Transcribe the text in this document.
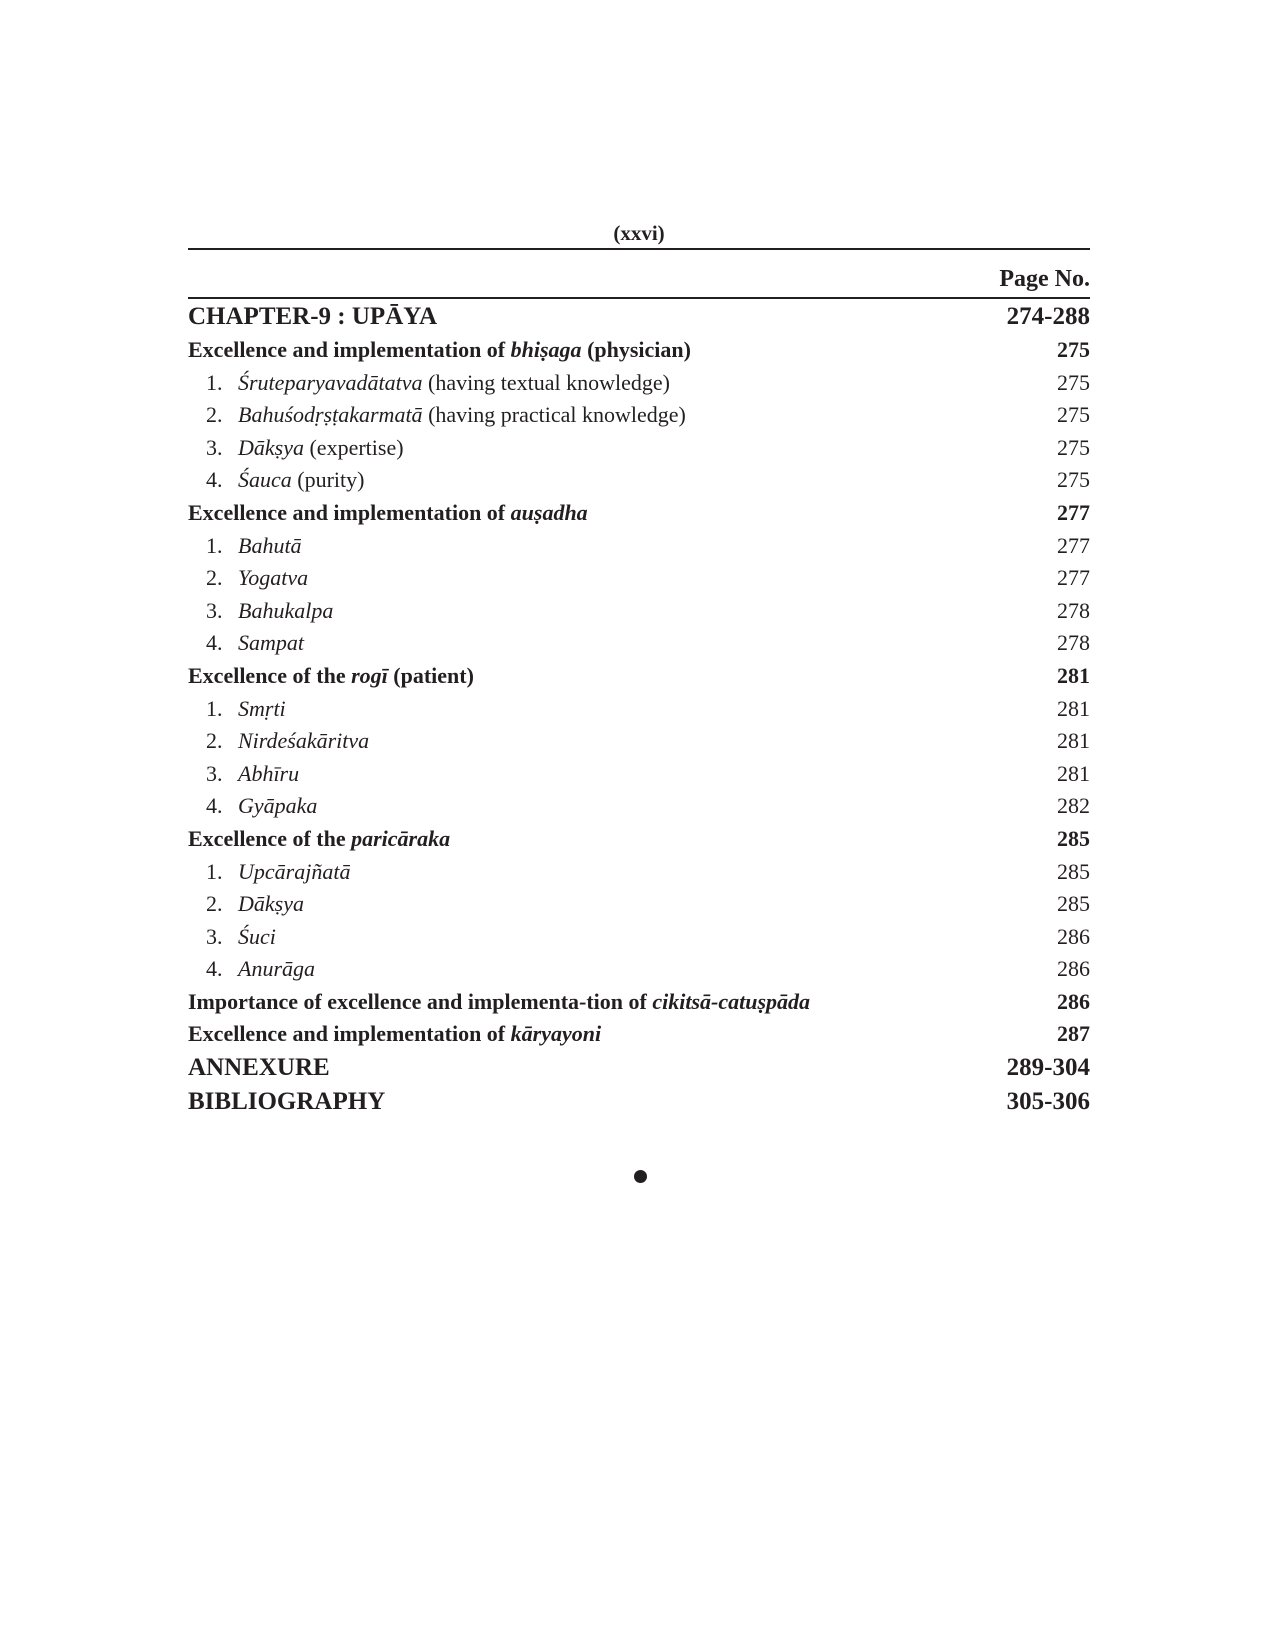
(xxvi)
Page No.
CHAPTER-9 : UPĀYA	274-288
Excellence and implementation of bhiṣaga (physician)	275
1. Śruteparyavadātatva (having textual knowledge)	275
2. Bahuśodṛṣṭakarmatā (having practical knowledge)	275
3. Dākṣya (expertise)	275
4. Śauca (purity)	275
Excellence and implementation of auṣadha	277
1. Bahutā	277
2. Yogatva	277
3. Bahukalpa	278
4. Sampat	278
Excellence of the rogī (patient)	281
1. Smṛti	281
2. Nirdeśakāritva	281
3. Abhīru	281
4. Gyāpaka	282
Excellence of the paricāraka	285
1. Upcārajñatā	285
2. Dākṣya	285
3. Śuci	286
4. Anurāga	286
Importance of excellence and implementa-tion of cikitsā-catuṣpāda	286
Excellence and implementation of kāryayoni	287
ANNEXURE	289-304
BIBLIOGRAPHY	305-306
